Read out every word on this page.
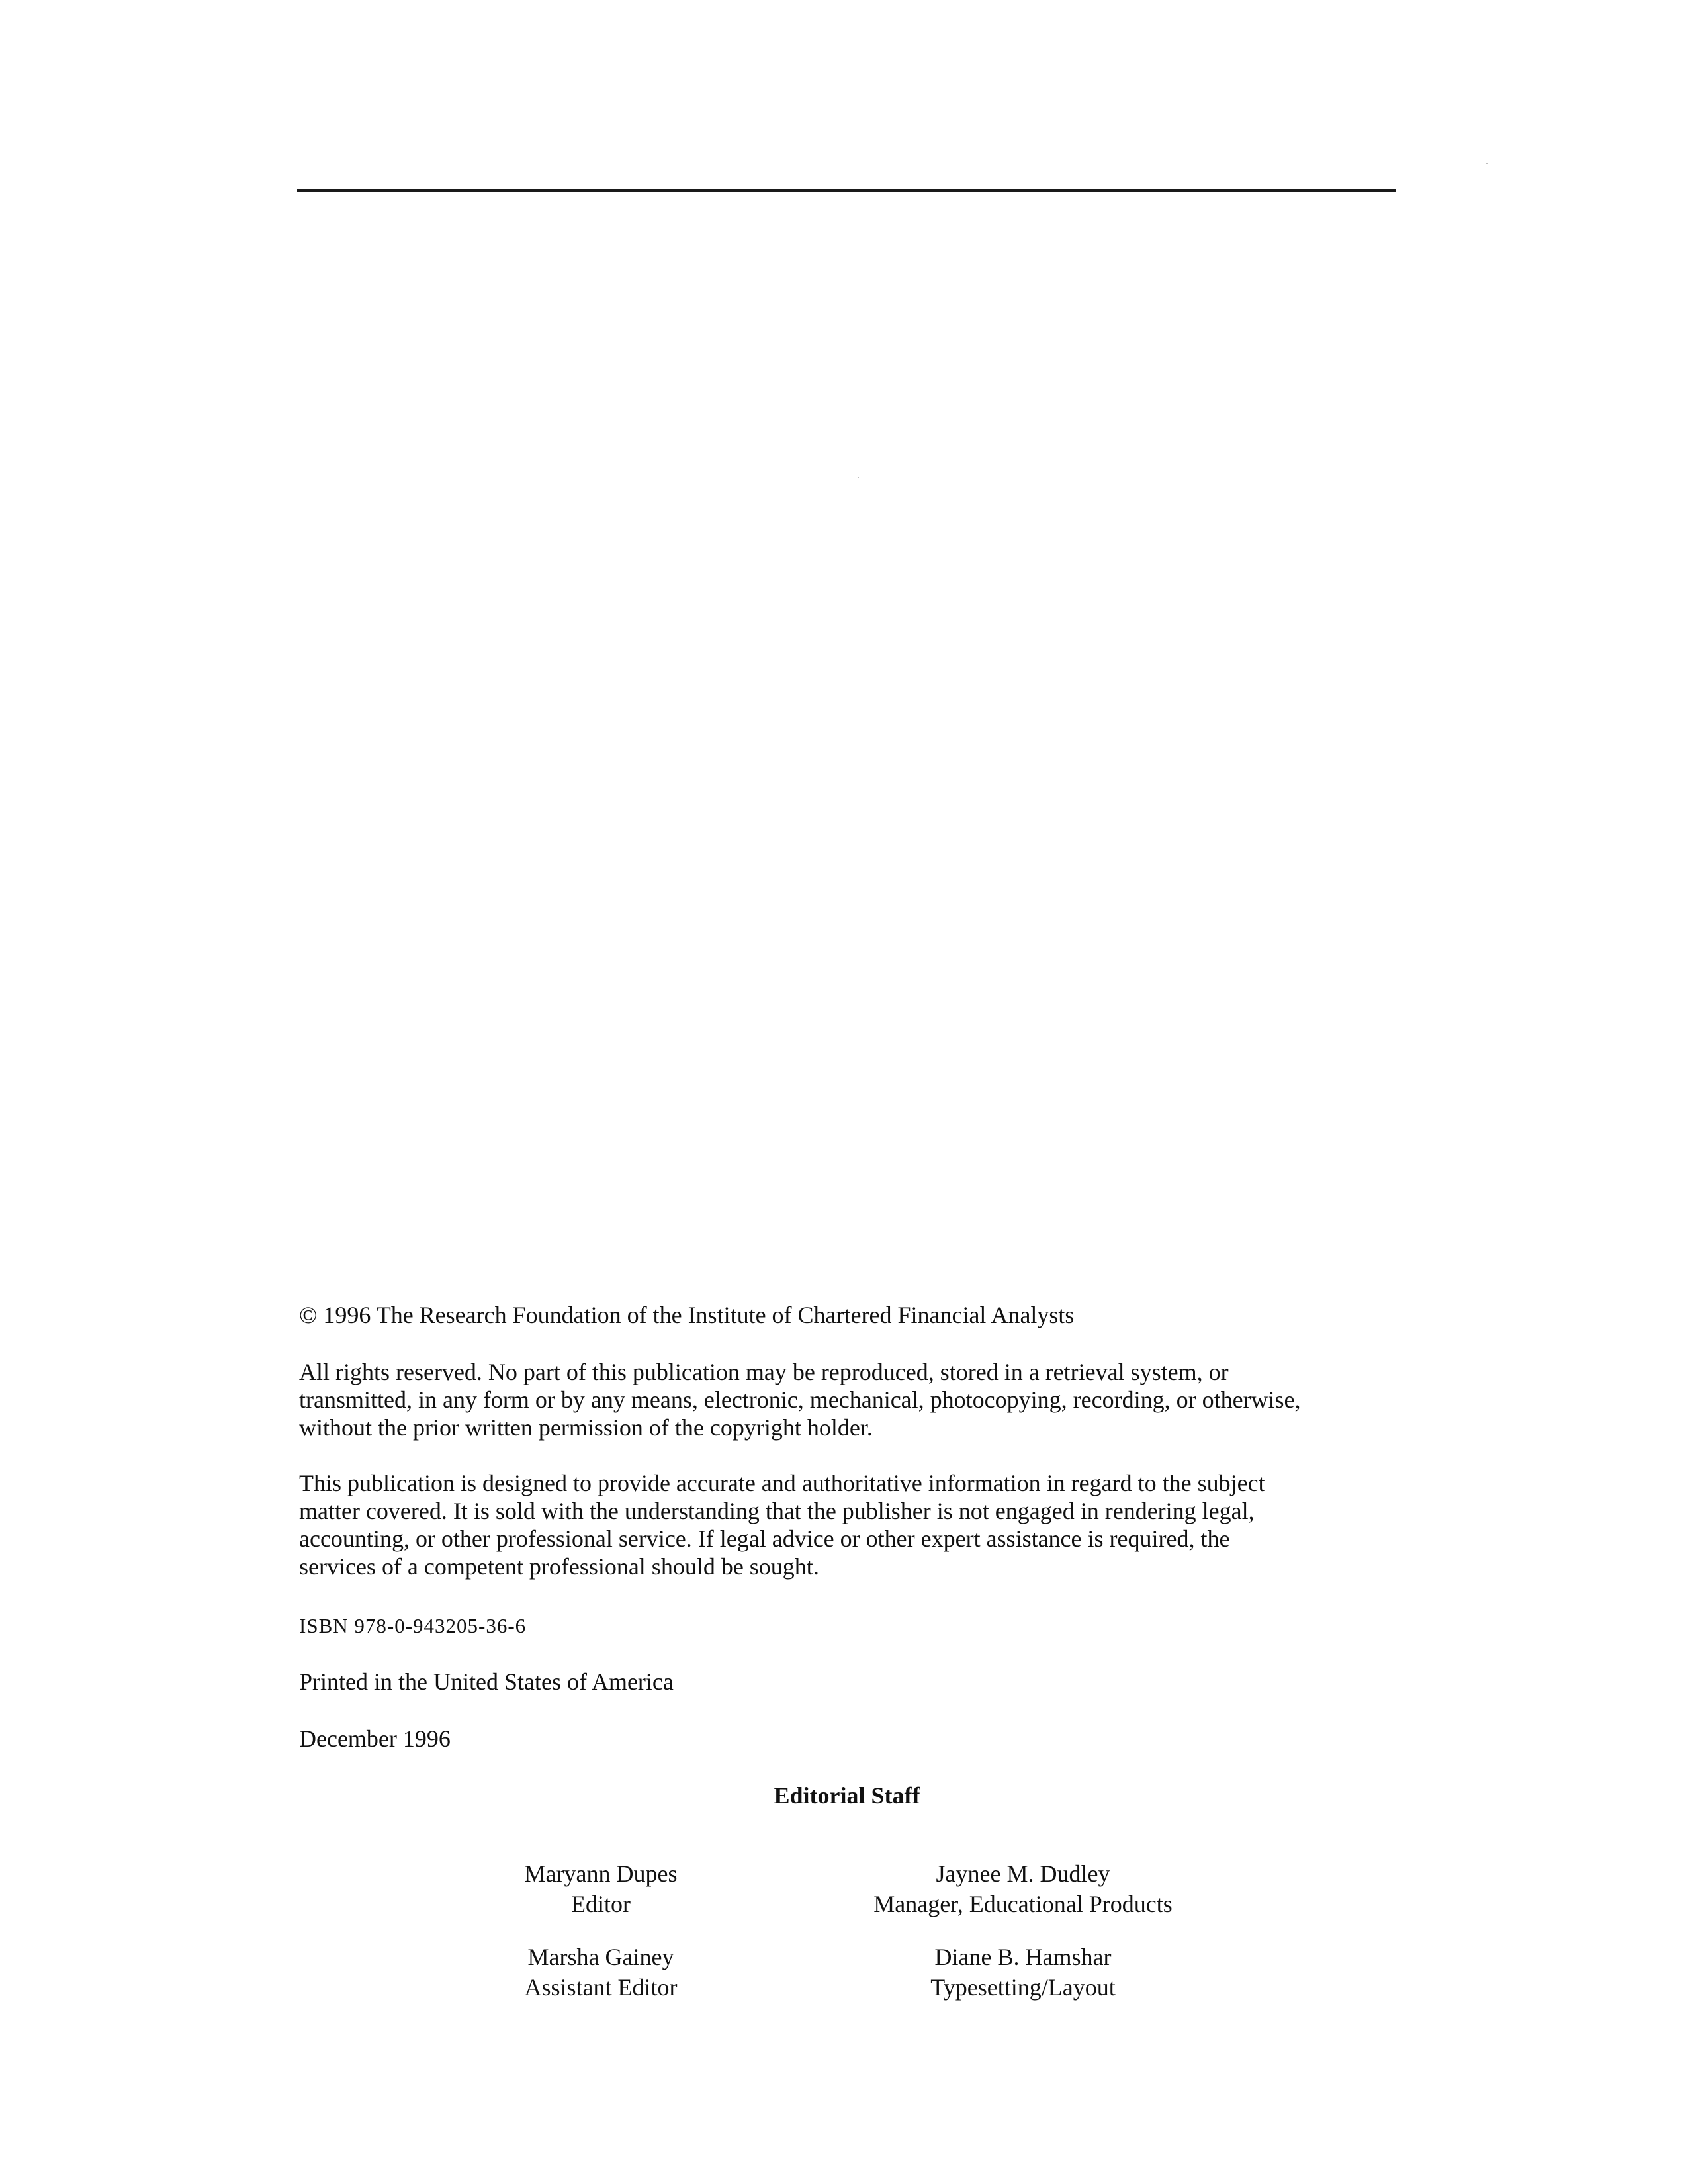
© 1996 The Research Foundation of the Institute of Chartered Financial Analysts
All rights reserved. No part of this publication may be reproduced, stored in a retrieval system, or
transmitted, in any form or by any means, electronic, mechanical, photocopying, recording, or otherwise,
without the prior written permission of the copyright holder.
This publication is designed to provide accurate and authoritative information in regard to the subject
matter covered. It is sold with the understanding that the publisher is not engaged in rendering legal,
accounting, or other professional service. If legal advice or other expert assistance is required, the
services of a competent professional should be sought.
ISBN 978-0-943205-36-6
Printed in the United States of America
December 1996
Editorial Staff
Maryann Dupes
Editor
Jaynee M. Dudley
Manager, Educational Products
Marsha Gainey
Assistant Editor
Diane B. Hamshar
Typesetting/Layout
